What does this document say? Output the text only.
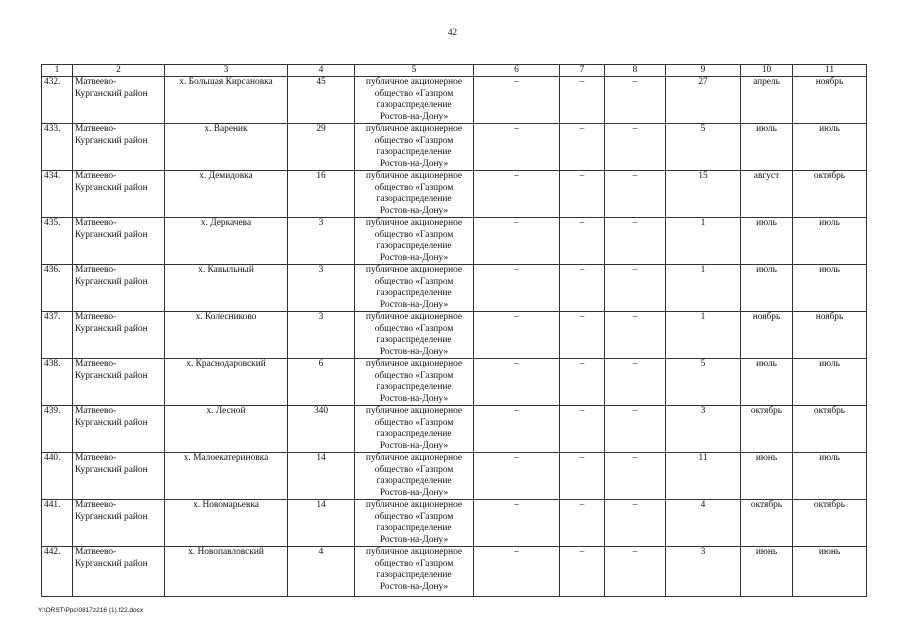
42
1	2	3	4	5	6	7	8	9	10	11
432.	Матвеево-
Курганский район	х. Большая Кирсановка	45	публичное акционерное
общество «Газпром
газораспределение
Ростов-на-Дону»	–	–	–	27	апрель	ноябрь
433.	Матвеево-
Курганский район	х. Вареник	29	публичное акционерное
общество «Газпром
газораспределение
Ростов-на-Дону»	–	–	–	5	июль	июль
434.	Матвеево-
Курганский район	х. Демидовка	16	публичное акционерное
общество «Газпром
газораспределение
Ростов-на-Дону»	–	–	–	15	август	октябрь
435.	Матвеево-
Курганский район	х. Деркачева	3	публичное акционерное
общество «Газпром
газораспределение
Ростов-на-Дону»	–	–	–	1	июль	июль
436.	Матвеево-
Курганский район	х. Кавыльный	3	публичное акционерное
общество «Газпром
газораспределение
Ростов-на-Дону»	–	–	–	1	июль	июль
437.	Матвеево-
Курганский район	х. Колесниково	3	публичное акционерное
общество «Газпром
газораспределение
Ростов-на-Дону»	–	–	–	1	ноябрь	ноябрь
438.	Матвеево-
Курганский район	х. Краснодаровский	6	публичное акционерное
общество «Газпром
газораспределение
Ростов-на-Дону»	–	–	–	5	июль	июль
439.	Матвеево-
Курганский район	х. Лесной	340	публичное акционерное
общество «Газпром
газораспределение
Ростов-на-Дону»	–	–	–	3	октябрь	октябрь
440.	Матвеево-
Курганский район	х. Малоекатериновка	14	публичное акционерное
общество «Газпром
газораспределение
Ростов-на-Дону»	–	–	–	11	июнь	июль
441.	Матвеево-
Курганский район	х. Новомарьевка	14	публичное акционерное
общество «Газпром
газораспределение
Ростов-на-Дону»	–	–	–	4	октябрь	октябрь
442.	Матвеево-
Курганский район	х. Новопавловский	4	публичное акционерное
общество «Газпром
газораспределение
Ростов-на-Дону»	–	–	–	3	июнь	июнь
Y:\ORST\Ppc\0817z216 (1).f22.docx
